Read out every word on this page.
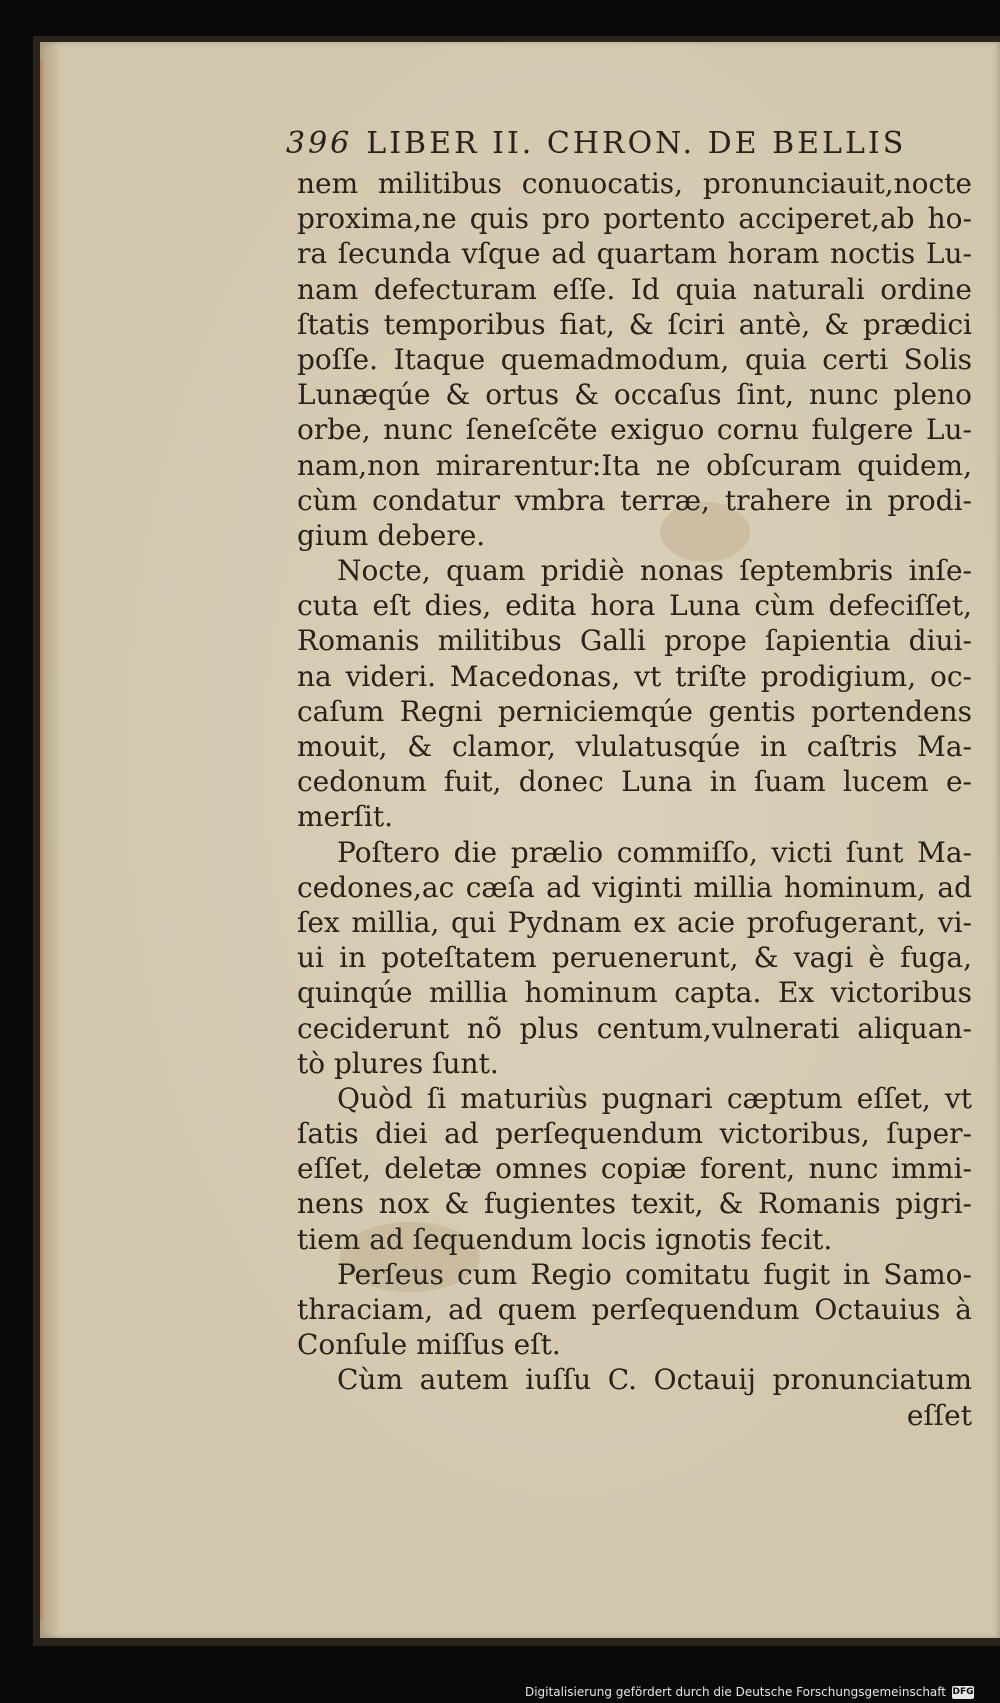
396 LIBER II. CHRON. DE BELLIS
nem militibus conuocatis, pronunciauit,nocte
proxima,ne quis pro portento acciperet,ab ho-
ra ſecunda vſque ad quartam horam noctis Lu-
nam defecturam eſſe. Id quia naturali ordine
ſtatis temporibus fiat, & ſciri antè, & prædici
poſſe. Itaque quemadmodum, quia certi Solis
Lunæqúe & ortus & occaſus ſint, nunc pleno
orbe, nunc ſeneſcẽte exiguo cornu fulgere Lu-
nam,non mirarentur:Ita ne obſcuram quidem,
cùm condatur vmbra terræ, trahere in prodi-
gium debere.
Nocte, quam pridiè nonas ſeptembris inſe-
cuta eſt dies, edita hora Luna cùm defeciſſet,
Romanis militibus Galli prope ſapientia diui-
na videri. Macedonas, vt triſte prodigium, oc-
caſum Regni perniciemqúe gentis portendens
mouit, & clamor, vlulatusqúe in caſtris Ma-
cedonum fuit, donec Luna in ſuam lucem e-
merſit.
Poſtero die prælio commiſſo, victi ſunt Ma-
cedones,ac cæſa ad viginti millia hominum, ad
ſex millia, qui Pydnam ex acie profugerant, vi-
ui in poteſtatem peruenerunt, & vagi è fuga,
quinqúe millia hominum capta. Ex victoribus
ceciderunt nõ plus centum,vulnerati aliquan-
tò plures ſunt.
Quòd ſi maturiùs pugnari cæptum eſſet, vt
ſatis diei ad perſequendum victoribus, ſuper-
eſſet, deletæ omnes copiæ forent, nunc immi-
nens nox & fugientes texit, & Romanis pigri-
tiem ad ſequendum locis ignotis fecit.
Perſeus cum Regio comitatu fugit in Samo-
thraciam, ad quem perſequendum Octauius à
Conſule miſſus eſt.
Cùm autem iuſſu C. Octauij pronunciatum
eſſet
Digitalisierung gefördert durch die Deutsche Forschungsgemeinschaft DFG
